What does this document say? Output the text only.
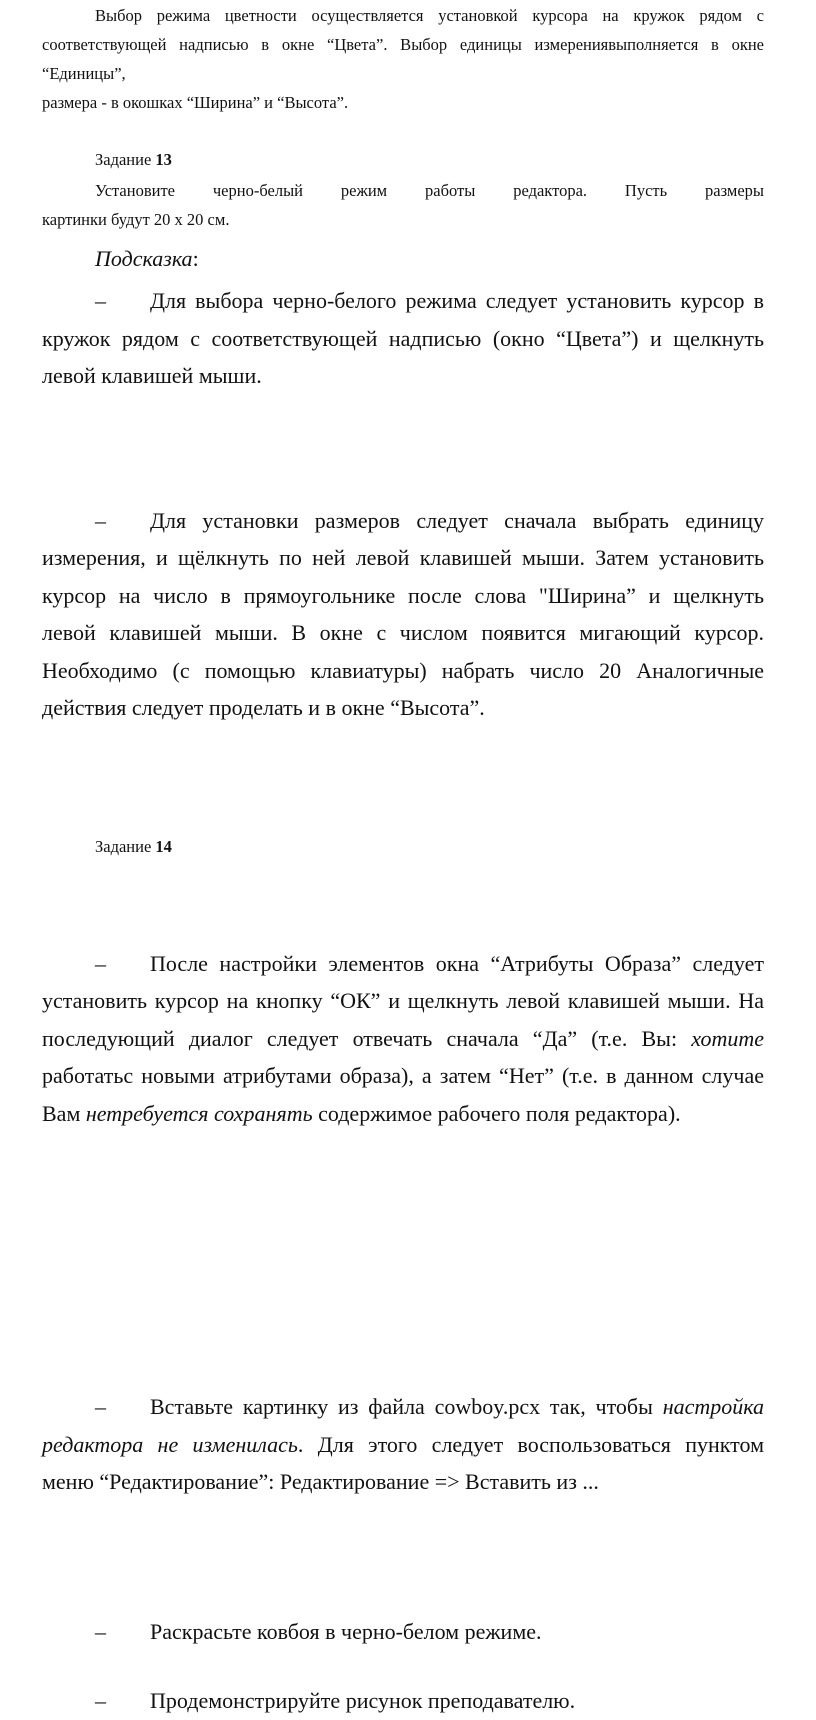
Выбор режима цветности осуществляется установкой курсора на кружок рядом с

соответствующей надписью в окне “Цвета”. Выбор единицы измерениявыполняется в окне “Единицы”,

размера - в окошках “Ширина” и “Высота”.

Задание 13

Установите черно-белый режим работы редактора. Пусть размеры

картинки будут 20 x 20 см.

Подсказка:

–	Для выбора черно-белого режима следует установить курсор в

кружок рядом с соответствующей надписью (окно “Цвета”) и щелкнуть

левой клавишей мыши.

–	Для установки размеров следует сначала выбрать единицу

измерения, и щёлкнуть по ней левой клавишей мыши. Затем установить

курсор на число в прямоугольнике после слова "Ширина” и щелкнуть

левой клавишей мыши. В окне с числом появится мигающий курсор.

Необходимо (с помощью клавиатуры) набрать число 20 Аналогичные

действия следует проделать и в окне “Высота”.

–	После настройки элементов окна “Атрибуты Образа” следует

установить курсор на кнопку “ОК” и щелкнуть левой клавишей мыши. На

последующий диалог следует отвечать сначала “Да” (т.е. Вы: хотите

работатьс новыми атрибутами образа), а затем “Нет” (т.е. в данном случае

Вам нетребуется сохранять содержимое рабочего поля редактора).

Задание 14

–	Вставьте картинку из файла cowboy.pcx так, чтобы настройка

редактора не изменилась. Для этого следует воспользоваться пунктом

меню “Редактирование”: Редактирование => Вставить из ...

–	Раскрасьте ковбоя в черно-белом режиме.

–	Продемонстрируйте рисунок преподавателю.
